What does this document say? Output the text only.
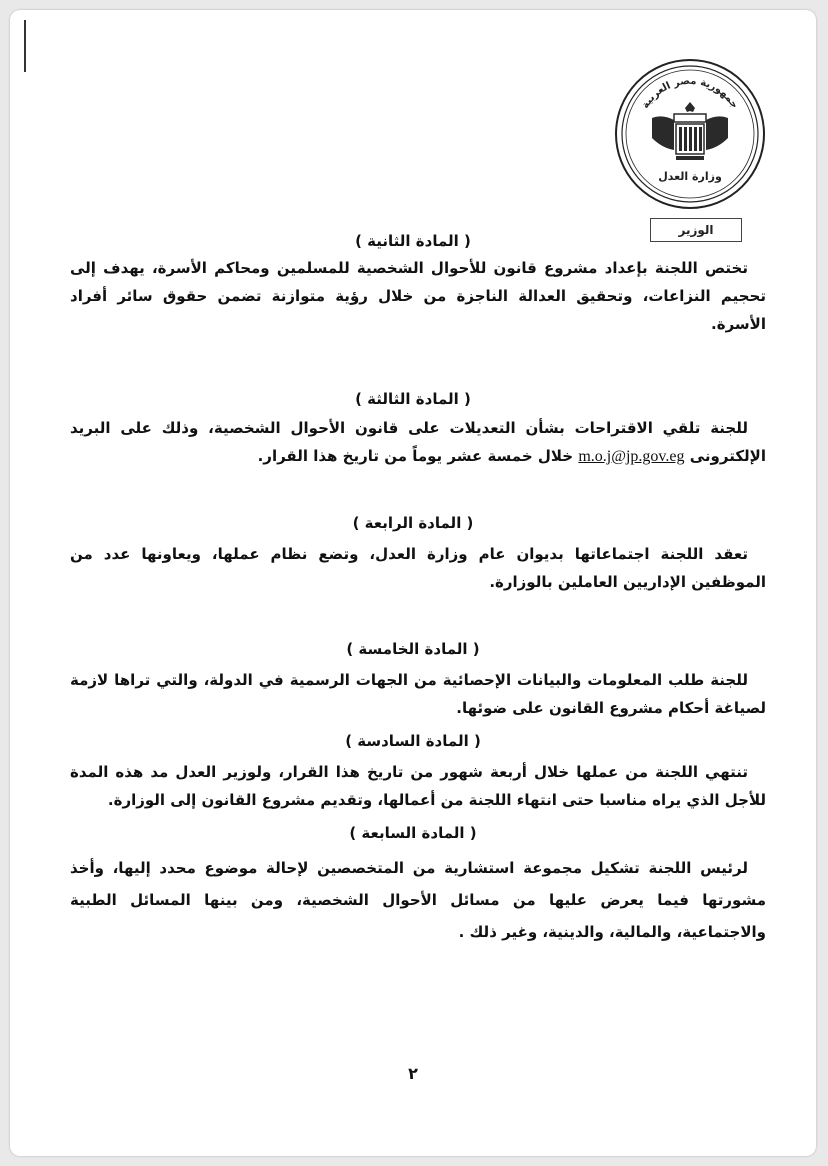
جمهورية مصر العربية
وزارة العدل
الوزير
( المادة الثانية )
تختص اللجنة بإعداد مشروع قانون للأحوال الشخصية للمسلمين ومحاكم الأسرة، يهدف إلى تحجيم النزاعات، وتحقيق العدالة الناجزة من خلال رؤية متوازنة تضمن حقوق سائر أفراد الأسرة.
( المادة الثالثة )
للجنة تلقي الاقتراحات بشأن التعديلات على قانون الأحوال الشخصية، وذلك على البريد الإلكترونى m.o.j@jp.gov.eg خلال خمسة عشر يوماً من تاريخ هذا القرار.
( المادة الرابعة )
تعقد اللجنة اجتماعاتها بديوان عام وزارة العدل، وتضع نظام عملها، ويعاونها عدد من الموظفين الإداريين العاملين بالوزارة.
( المادة الخامسة )
للجنة طلب المعلومات والبيانات الإحصائية من الجهات الرسمية في الدولة، والتي تراها لازمة لصياغة أحكام مشروع القانون على ضوئها.
( المادة السادسة )
تنتهي اللجنة من عملها خلال أربعة شهور من تاريخ هذا القرار، ولوزير العدل مد هذه المدة للأجل الذي يراه مناسبا حتى انتهاء اللجنة من أعمالها، وتقديم مشروع القانون إلى الوزارة.
( المادة السابعة )
لرئيس اللجنة تشكيل مجموعة استشارية من المتخصصين لإحالة موضوع محدد إليها، وأخذ مشورتها فيما يعرض عليها من مسائل الأحوال الشخصية، ومن بينها المسائل الطبية والاجتماعية، والمالية، والدينية، وغير ذلك .
٢
